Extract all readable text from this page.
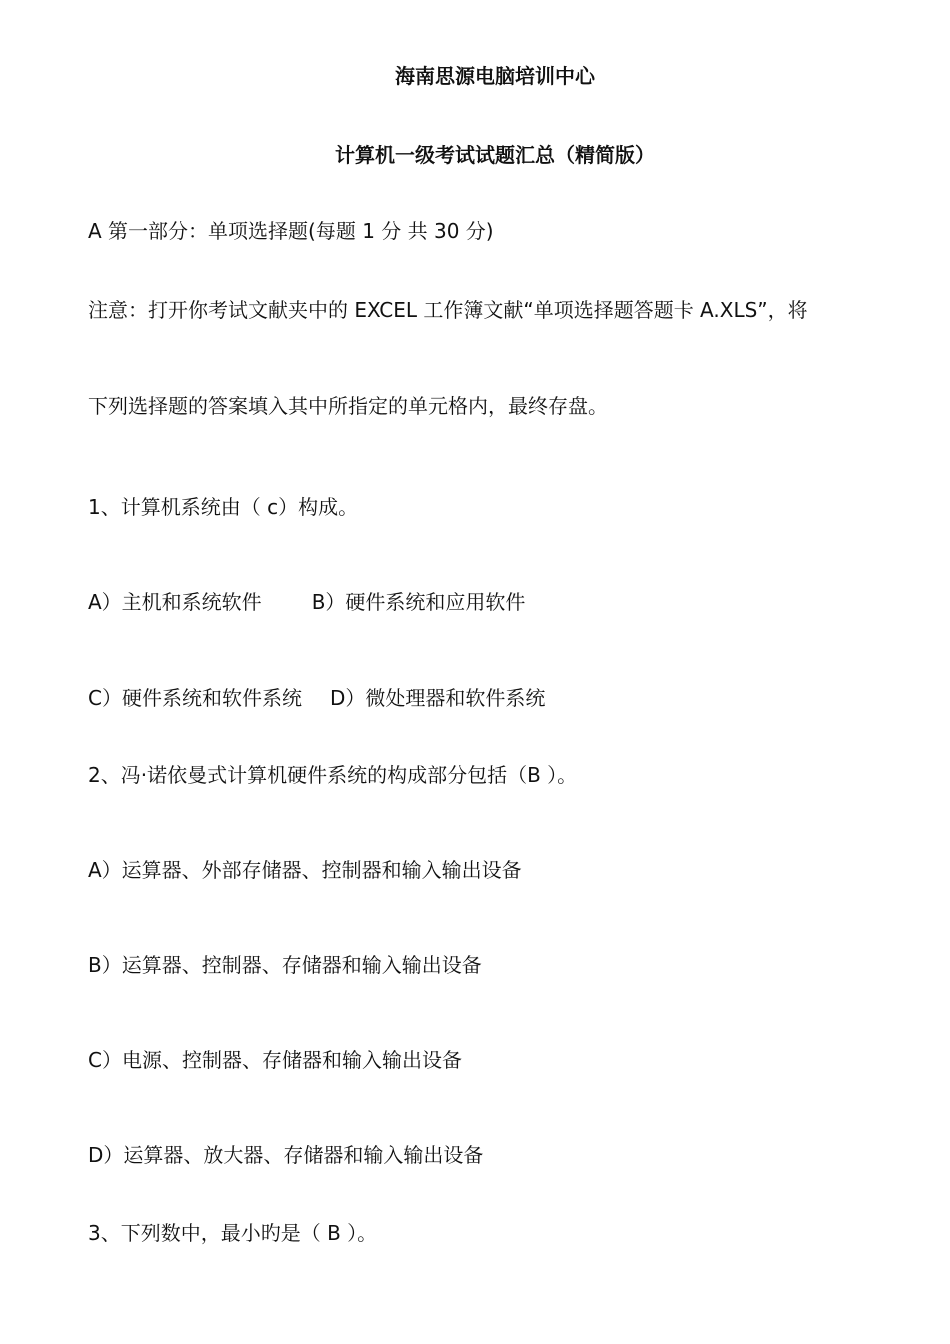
海南思源电脑培训中心

计算机一级考试试题汇总（精简版）

A 第一部分：单项选择题(每题 1 分 共 30 分)

注意：打开你考试文献夹中的 EXCEL 工作簿文献“单项选择题答题卡 A.XLS”，将

下列选择题的答案填入其中所指定的单元格内，最终存盘。

1、计算机系统由（ c）构成。

A）主机和系统软件	B）硬件系统和应用软件
C）硬件系统和软件系统 D）微处理器和软件系统

2、冯·诺依曼式计算机硬件系统的构成部分包括（B ）。

A）运算器、外部存储器、控制器和输入输出设备

B）运算器、控制器、存储器和输入输出设备

C）电源、控制器、存储器和输入输出设备

D）运算器、放大器、存储器和输入输出设备

3、下列数中，最小旳是（ B ）。
